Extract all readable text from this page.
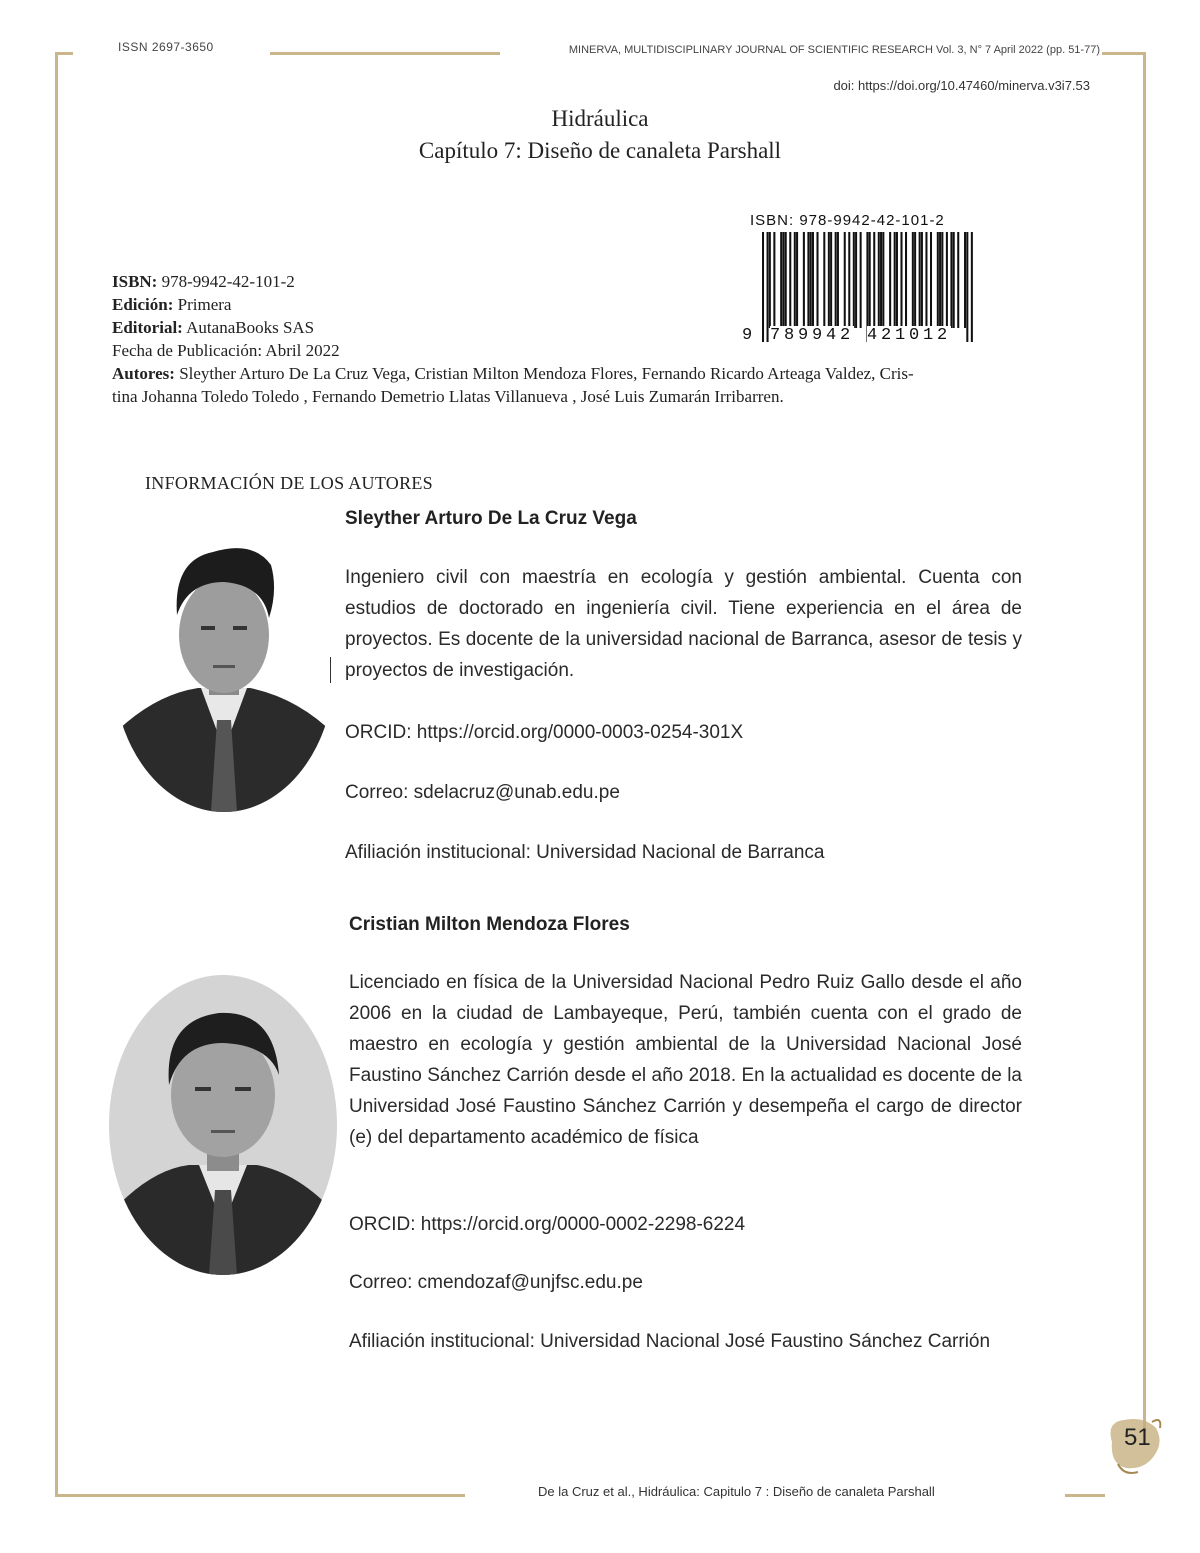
ISSN 2697-3650	MINERVA, MULTIDISCIPLINARY JOURNAL OF SCIENTIFIC RESEARCH Vol. 3, N° 7 April 2022 (pp. 51-77)
doi: https://doi.org/10.47460/minerva.v3i7.53
Hidráulica
Capítulo 7: Diseño de canaleta Parshall
ISBN: 978-9942-42-101-2
9 789942 421012
ISBN: 978-9942-42-101-2
Edición: Primera
Editorial: AutanaBooks SAS
Fecha de Publicación: Abril 2022
Autores: Sleyther Arturo De La Cruz Vega, Cristian Milton Mendoza Flores, Fernando Ricardo Arteaga Valdez, Cris-
tina Johanna Toledo Toledo , Fernando Demetrio Llatas Villanueva , José Luis Zumarán Irribarren.
INFORMACIÓN DE LOS AUTORES
Sleyther Arturo De La Cruz Vega
Ingeniero civil con maestría en ecología y gestión ambiental. Cuenta con estudios de doctorado en ingeniería civil. Tiene experiencia en el área de proyectos. Es docente de la universidad nacional de Barranca, asesor de tesis y proyectos de investigación.
ORCID: https://orcid.org/0000-0003-0254-301X
Correo: sdelacruz@unab.edu.pe
Afiliación institucional: Universidad Nacional de Barranca
Cristian Milton Mendoza Flores
Licenciado en física de la Universidad Nacional Pedro Ruiz Gallo desde el año 2006 en la ciudad de Lambayeque, Perú, también cuenta con el grado de maestro en ecología y gestión ambiental de la Universidad Nacional José Faustino Sánchez Carrión desde el año 2018. En la actualidad es docente de la Universidad José Faustino Sánchez Carrión y desempeña el cargo de director (e) del departamento académico de física
ORCID: https://orcid.org/0000-0002-2298-6224
Correo: cmendozaf@unjfsc.edu.pe
Afiliación institucional: Universidad Nacional José Faustino Sánchez Carrión
De la Cruz et al., Hidráulica: Capitulo 7 : Diseño de canaleta Parshall
51
